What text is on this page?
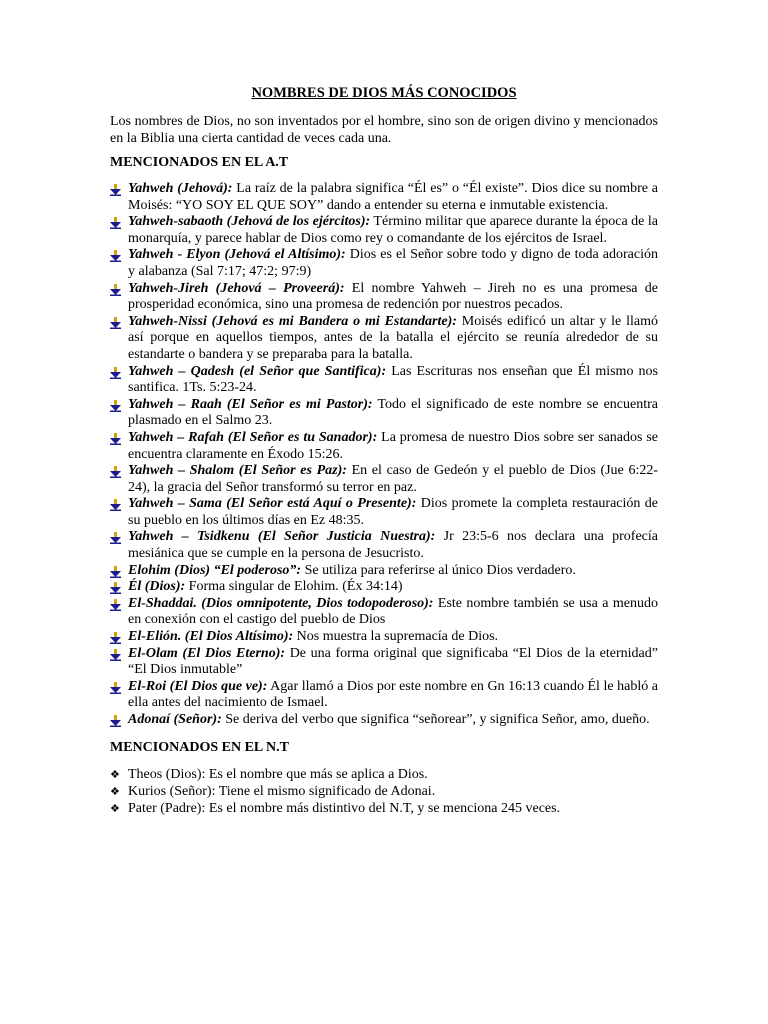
NOMBRES DE DIOS MÁS CONOCIDOS

Los nombres de Dios, no son inventados por el hombre, sino son de origen divino y mencionados en la Biblia una cierta cantidad de veces cada una.

MENCIONADOS EN EL A.T

Yahweh (Jehová): La raíz de la palabra significa “Él es” o “Él existe”. Dios dice su nombre a Moisés: “YO SOY EL QUE SOY” dando a entender su eterna e inmutable existencia.
Yahweh-sabaoth (Jehová de los ejércitos): Término militar que aparece durante la época de la monarquía, y parece hablar de Dios como rey o comandante de los ejércitos de Israel.
Yahweh - Elyon (Jehová el Altísimo): Dios es el Señor sobre todo y digno de toda adoración y alabanza (Sal 7:17; 47:2; 97:9)
Yahweh-Jireh (Jehová – Proveerá): El nombre Yahweh – Jireh no es una promesa de prosperidad económica, sino una promesa de redención por nuestros pecados.
Yahweh-Nissi (Jehová es mi Bandera o mi Estandarte): Moisés edificó un altar y le llamó así porque en aquellos tiempos, antes de la batalla el ejército se reunía alrededor de su estandarte o bandera y se preparaba para la batalla.
Yahweh – Qadesh (el Señor que Santifica): Las Escrituras nos enseñan que Él mismo nos santifica. 1Ts. 5:23-24.
Yahweh – Raah (El Señor es mi Pastor): Todo el significado de este nombre se encuentra plasmado en el Salmo 23.
Yahweh – Rafah (El Señor es tu Sanador): La promesa de nuestro Dios sobre ser sanados se encuentra claramente en Éxodo 15:26.
Yahweh – Shalom (El Señor es Paz): En el caso de Gedeón y el pueblo de Dios (Jue 6:22-24), la gracia del Señor transformó su terror en paz.
Yahweh – Sama (El Señor está Aquí o Presente): Dios promete la completa restauración de su pueblo en los últimos días en Ez 48:35.
Yahweh – Tsidkenu (El Señor Justicia Nuestra): Jr 23:5-6 nos declara una profecía mesiánica que se cumple en la persona de Jesucristo.
Elohim (Dios) “El poderoso”: Se utiliza para referirse al único Dios verdadero.
Él (Dios): Forma singular de Elohim. (Éx 34:14)
El-Shaddai. (Dios omnipotente, Dios todopoderoso): Este nombre también se usa a menudo en conexión con el castigo del pueblo de Dios
El-Elión. (El Dios Altísimo): Nos muestra la supremacía de Dios.
El-Olam (El Dios Eterno): De una forma original que significaba “El Dios de la eternidad” “El Dios inmutable”
El-Roi (El Dios que ve): Agar llamó a Dios por este nombre en Gn 16:13 cuando Él le habló a ella antes del nacimiento de Ismael.
Adonaí (Señor): Se deriva del verbo que significa “señorear”, y significa Señor, amo, dueño.

MENCIONADOS EN EL N.T

❖ Theos (Dios): Es el nombre que más se aplica a Dios.
❖ Kurios (Señor): Tiene el mismo significado de Adonai.
❖ Pater (Padre): Es el nombre más distintivo del N.T, y se menciona 245 veces.
